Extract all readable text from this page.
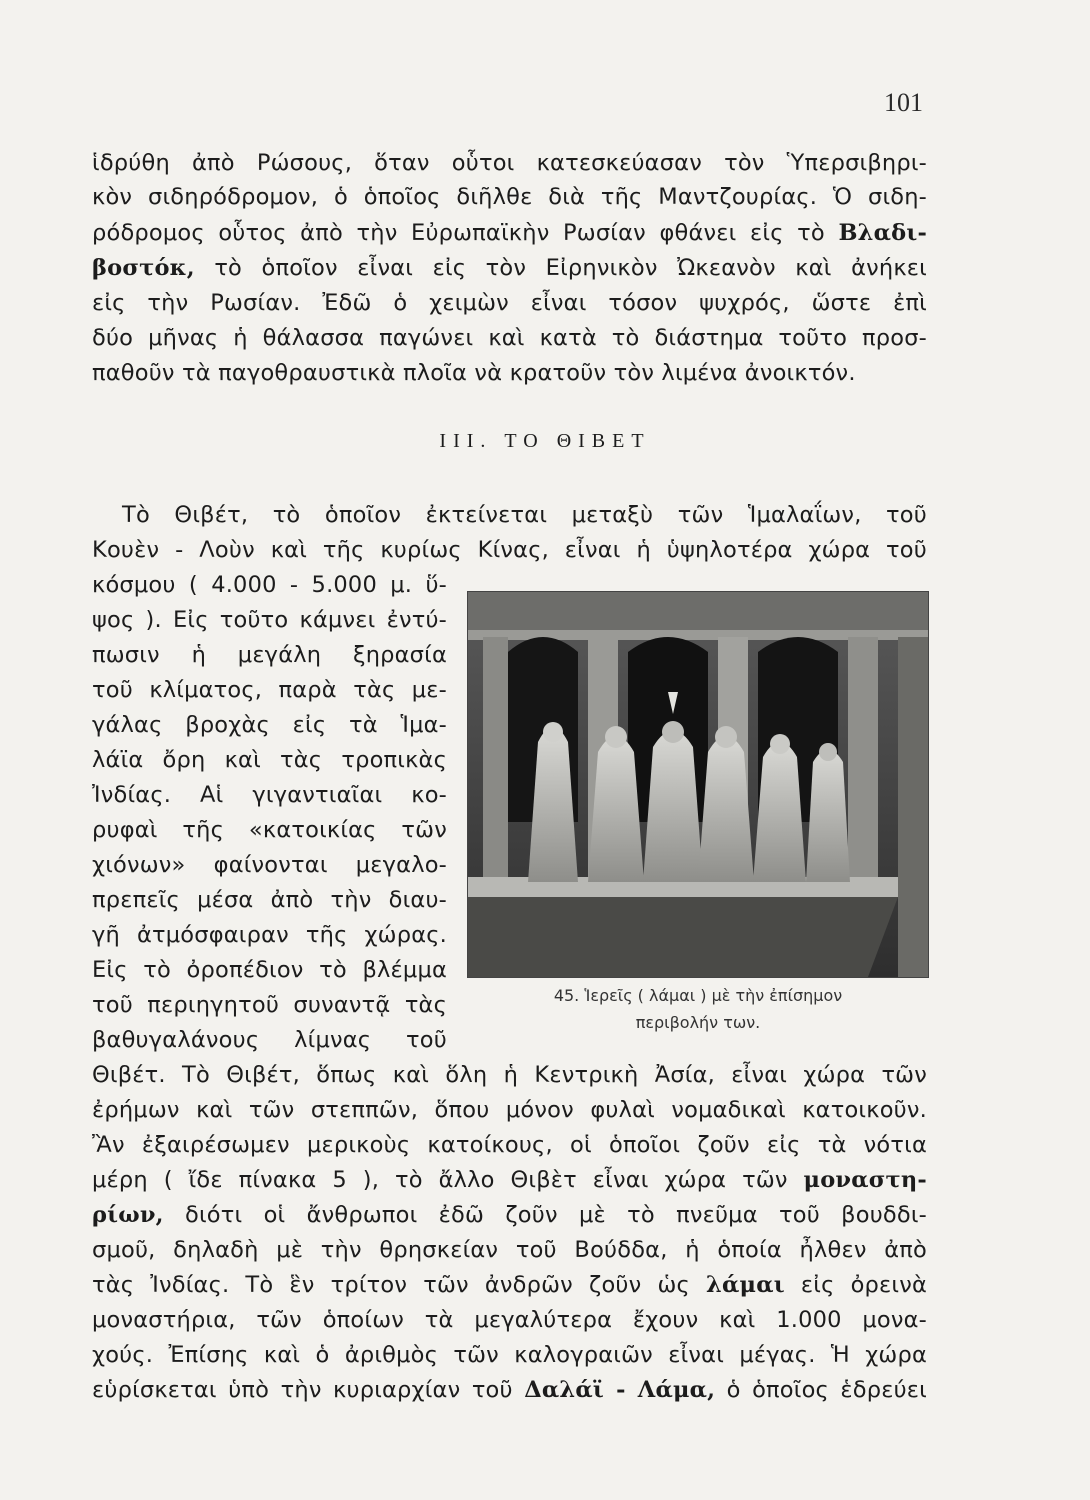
101
ἱδρύθη ἀπὸ Ρώσους, ὅταν οὗτοι κατεσκεύασαν τὸν Ὑπερσιβηρι-
κὸν σιδηρόδρομον, ὁ ὁποῖος διῆλθε διὰ τῆς Μαντζουρίας. Ὁ σιδη-
ρόδρομος οὗτος ἀπὸ τὴν Εὐρωπαϊκὴν Ρωσίαν φθάνει εἰς τὸ Βλαδι-
βοστόκ, τὸ ὁποῖον εἶναι εἰς τὸν Εἰρηνικὸν Ὠκεανὸν καὶ ἀνήκει
εἰς τὴν Ρωσίαν. Ἐδῶ ὁ χειμὼν εἶναι τόσον ψυχρός, ὥστε ἐπὶ
δύο μῆνας ἡ θάλασσα παγώνει καὶ κατὰ τὸ διάστημα τοῦτο προσ-
παθοῦν τὰ παγοθραυστικὰ πλοῖα νὰ κρατοῦν τὸν λιμένα ἀνοικτόν.
III. ΤΟ ΘΙΒΕΤ
Τὸ Θιβέτ, τὸ ὁποῖον ἐκτείνεται μεταξὺ τῶν Ἱμαλαΐων, τοῦ
Κουὲν - Λοὺν καὶ τῆς κυρίως Κίνας, εἶναι ἡ ὑψηλοτέρα χώρα τοῦ
κόσμου ( 4.000 - 5.000 μ. ὕ-
ψος ). Εἰς τοῦτο κάμνει ἐντύ-
πωσιν ἡ μεγάλη ξηρασία
τοῦ κλίματος, παρὰ τὰς με-
γάλας βροχὰς εἰς τὰ Ἱμα-
λάϊα ὄρη καὶ τὰς τροπικὰς
Ἰνδίας. Αἱ γιγαντιαῖαι κο-
ρυφαὶ τῆς «κατοικίας τῶν
χιόνων» φαίνονται μεγαλο-
πρεπεῖς μέσα ἀπὸ τὴν διαυ-
γῆ ἀτμόσφαιραν τῆς χώρας.
Εἰς τὸ ὀροπέδιον τὸ βλέμμα
τοῦ περιηγητοῦ συναντᾷ τὰς
βαθυγαλάνους λίμνας τοῦ
Θιβέτ. Τὸ Θιβέτ, ὅπως καὶ ὅλη ἡ Κεντρικὴ Ἀσία, εἶναι χώρα τῶν
ἐρήμων καὶ τῶν στεππῶν, ὅπου μόνον φυλαὶ νομαδικαὶ κατοικοῦν.
Ἂν ἐξαιρέσωμεν μερικοὺς κατοίκους, οἱ ὁποῖοι ζοῦν εἰς τὰ νότια
μέρη ( ἴδε πίνακα 5 ), τὸ ἄλλο Θιβὲτ εἶναι χώρα τῶν μοναστη-
ρίων, διότι οἱ ἄνθρωποι ἐδῶ ζοῦν μὲ τὸ πνεῦμα τοῦ βουδδι-
σμοῦ, δηλαδὴ μὲ τὴν θρησκείαν τοῦ Βούδδα, ἡ ὁποία ἦλθεν ἀπὸ
τὰς Ἰνδίας. Τὸ ἓν τρίτον τῶν ἀνδρῶν ζοῦν ὡς λάμαι εἰς ὀρεινὰ
μοναστήρια, τῶν ὁποίων τὰ μεγαλύτερα ἔχουν καὶ 1.000 μονα-
χούς. Ἐπίσης καὶ ὁ ἀριθμὸς τῶν καλογραιῶν εἶναι μέγας. Ἡ χώρα
εὑρίσκεται ὑπὸ τὴν κυριαρχίαν τοῦ Δαλάϊ - Λάμα, ὁ ὁποῖος ἑδρεύει
45. Ἱερεῖς ( λάμαι ) μὲ τὴν ἐπίσημον
περιβολήν των.
